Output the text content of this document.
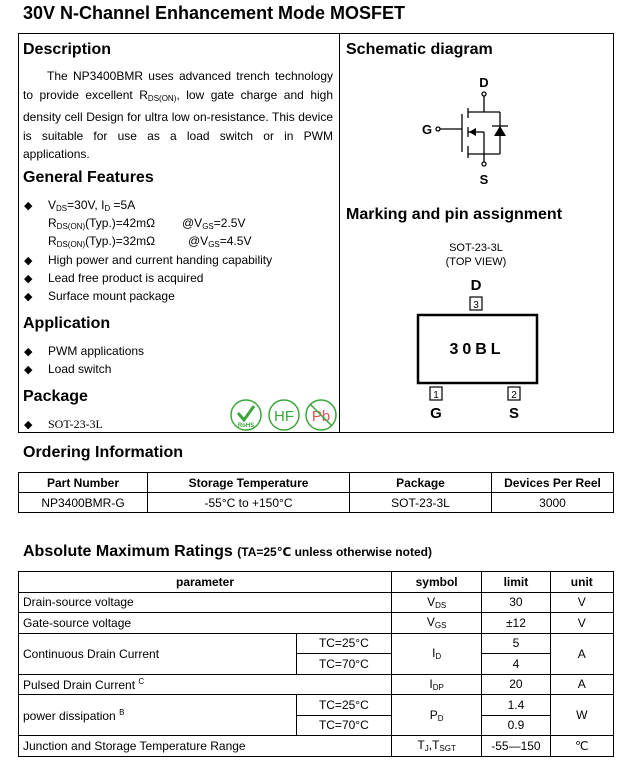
30V N-Channel Enhancement Mode MOSFET
Description
The NP3400BMR uses advanced trench technology to provide excellent $R_{DS(ON)}$, low gate charge and high density cell Design for ultra low on-resistance. This device is suitable for use as a load switch or in PWM applications.
General Features
◆ $V_{DS}=30V$, $I_D =5A$
$R_{DS(ON)}(Typ.)=42m\Omega$ $@V_{GS}=2.5V$
$R_{DS(ON)}(Typ.)=32m\Omega$	$@V_{GS}=4.5V$
◆ High power and current handing capability
◆ Lead free product is acquired
◆ Surface mount package
Application
◆ PWM applications
◆ Load switch
Package
◆ SOT-23-3L	RoHS
HF Pb
Schematic diagram
D
G
S
Marking and pin assignment
SOT-23-3L
(TOP VIEW)
D
3
30BL
1	2
G	S
Ordering Information
Part Number	Storage Temperature	Package	Devices Per Reel
NP3400BMR-G	-55°C to +150°C	SOT-23-3L	3000
Absolute Maximum Ratings (TA=25℃ unless otherwise noted)
parameter		symbol	limit	unit
Drain-source voltage		$V_{DS}$	30	V
Gate-source voltage		$V_{GS}$	±12	V
Continuous Drain Current	TC=25°C	$I_D$	5	A
	TC=70°C		4	
Pulsed Drain Current $^C$		$I_{DP}$	20	A
power dissipation $^B$	TC=25°C	$P_D$	1.4	W
	TC=70°C		0.9	
Junction and Storage Temperature Range		$T_J,T_{SGT}$	-55—150	℃
